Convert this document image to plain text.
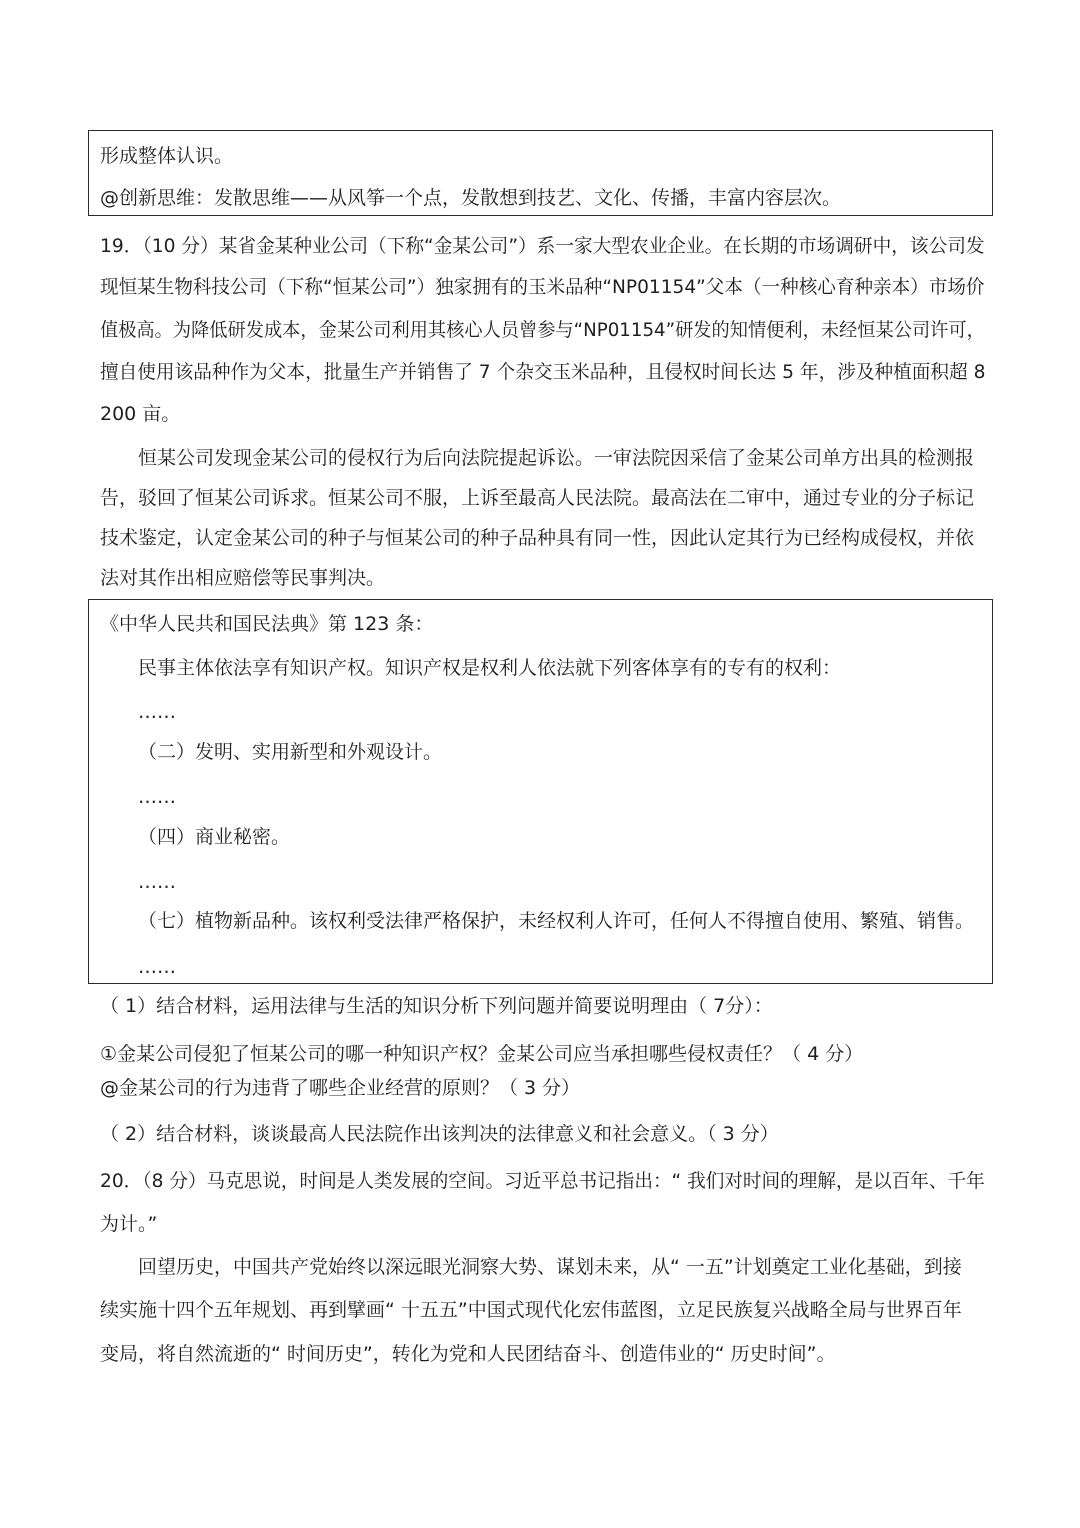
形成整体认识。
@创新思维：发散思维——从风筝一个点，发散想到技艺、文化、传播，丰富内容层次。
19．（10 分）某省金某种业公司（下称“金某公司”）系一家大型农业企业。在长期的市场调研中，该公司发
现恒某生物科技公司（下称“恒某公司”）独家拥有的玉米品种“NP01154”父本（一种核心育种亲本）市场价
值极高。为降低研发成本，金某公司利用其核心人员曾参与“NP01154”研发的知情便利，未经恒某公司许可，
擅自使用该品种作为父本，批量生产并销售了 7 个杂交玉米品种，且侵权时间长达 5 年，涉及种植面积超 8
200 亩。
恒某公司发现金某公司的侵权行为后向法院提起诉讼。一审法院因采信了金某公司单方出具的检测报
告，驳回了恒某公司诉求。恒某公司不服，上诉至最高人民法院。最高法在二审中，通过专业的分子标记
技术鉴定，认定金某公司的种子与恒某公司的种子品种具有同一性，因此认定其行为已经构成侵权，并依
法对其作出相应赔偿等民事判决。
《中华人民共和国民法典》第 123 条：
民事主体依法享有知识产权。知识产权是权利人依法就下列客体享有的专有的权利：
……
（二）发明、实用新型和外观设计。
……
（四）商业秘密。
……
（七）植物新品种。该权利受法律严格保护，未经权利人许可，任何人不得擅自使用、繁殖、销售。
……
（ 1）结合材料，运用法律与生活的知识分析下列问题并简要说明理由（ 7分）：
①金某公司侵犯了恒某公司的哪一种知识产权？金某公司应当承担哪些侵权责任？（ 4 分）
@金某公司的行为违背了哪些企业经营的原则？（ 3 分）
（ 2）结合材料，谈谈最高人民法院作出该判决的法律意义和社会意义。（ 3 分）
20．（8 分）马克思说，时间是人类发展的空间。习近平总书记指出：“ 我们对时间的理解，是以百年、千年
为计。”
回望历史，中国共产党始终以深远眼光洞察大势、谋划未来，从“ 一五”计划奠定工业化基础，到接
续实施十四个五年规划、再到擘画“ 十五五”中国式现代化宏伟蓝图，立足民族复兴战略全局与世界百年
变局，将自然流逝的“ 时间历史”，转化为党和人民团结奋斗、创造伟业的“ 历史时间”。
